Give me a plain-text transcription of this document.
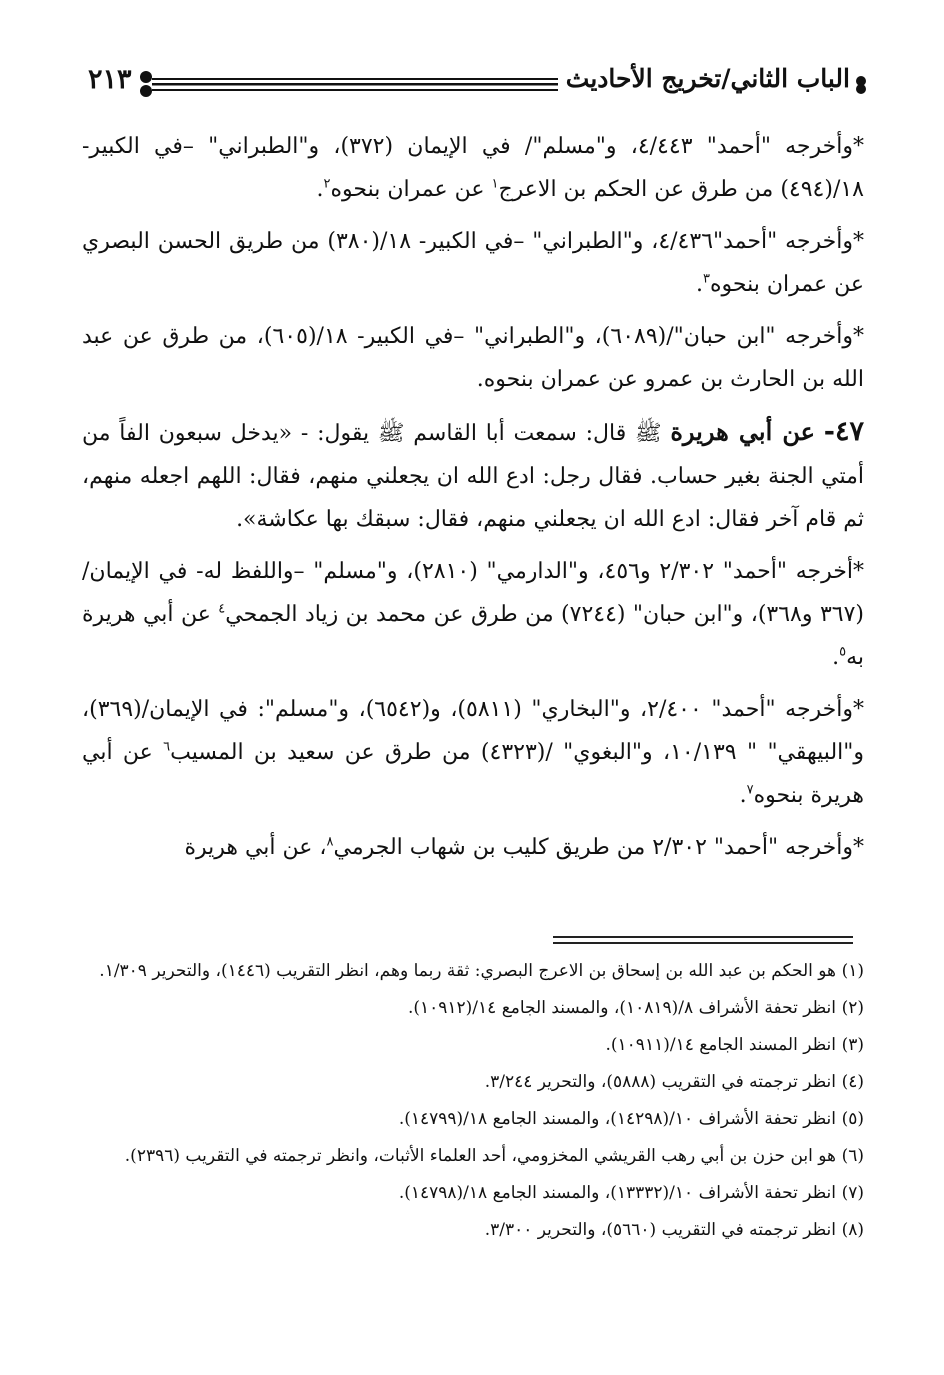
٢١٣	الباب الثاني/تخريج الأحاديث

*وأخرجه "أحمد" ٤/٤٤٣، و"مسلم"/ في الإيمان (٣٧٢)، و"الطبراني" –في الكبير- ١٨/(٤٩٤) من طرق عن الحكم بن الاعرج$^١$ عن عمران بنحوه$^٢$.

*وأخرجه "أحمد"٤/٤٣٦، و"الطبراني" –في الكبير- ١٨/(٣٨٠) من طريق الحسن البصري عن عمران بنحوه$^٣$.

*وأخرجه "ابن حبان"/(٦٠٨٩)، و"الطبراني" –في الكبير- ١٨/(٦٠٥)، من طرق عن عبد الله بن الحارث بن عمرو عن عمران بنحوه.

٤٧- عن أبي هريرة ﷺ قال: سمعت أبا القاسم ﷺ يقول: - «يدخل سبعون الفاً من أمتي الجنة بغير حساب. فقال رجل: ادع الله ان يجعلني منهم، فقال: اللهم اجعله منهم، ثم قام آخر فقال: ادع الله ان يجعلني منهم، فقال: سبقك بها عكاشة».

*أخرجه "أحمد" ٢/٣٠٢ و٤٥٦، و"الدارمي" (٢٨١٠)، و"مسلم" –واللفظ له- في الإيمان/ (٣٦٧ و٣٦٨)، و"ابن حبان" (٧٢٤٤) من طرق عن محمد بن زياد الجمحي$^٤$ عن أبي هريرة به$^٥$.

*وأخرجه "أحمد" ٢/٤٠٠، و"البخاري" (٥٨١١)، و(٦٥٤٢)، و"مسلم": في الإيمان/(٣٦٩)، و"البيهقي" " ١٠/١٣٩، و"البغوي" /(٤٣٢٣) من طرق عن سعيد بن المسيب$^٦$ عن أبي هريرة بنحوه$^٧$.

*وأخرجه "أحمد" ٢/٣٠٢ من طريق كليب بن شهاب الجرمي$^٨$، عن أبي هريرة

(١)
هو الحكم بن عبد الله بن إسحاق بن الاعرج البصري: ثقة ربما وهم، انظر التقريب (١٤٤٦)، والتحرير ١/٣٠٩.
(٢)
انظر تحفة الأشراف ٨/(١٠٨١٩)، والمسند الجامع ١٤/(١٠٩١٢).
(٣)
انظر المسند الجامع ١٤/(١٠٩١١).
(٤)
انظر ترجمته في التقريب (٥٨٨٨)، والتحرير ٣/٢٤٤.
(٥)
انظر تحفة الأشراف ١٠/(١٤٢٩٨)، والمسند الجامع ١٨/(١٤٧٩٩).
(٦)
هو ابن حزن بن أبي رهب القريشي المخزومي، أحد العلماء الأثبات، وانظر ترجمته في التقريب (٢٣٩٦).
(٧)
انظر تحفة الأشراف ١٠/(١٣٣٣٢)، والمسند الجامع ١٨/(١٤٧٩٨).
(٨)
انظر ترجمته في التقريب (٥٦٦٠)، والتحرير ٣/٣٠٠.
